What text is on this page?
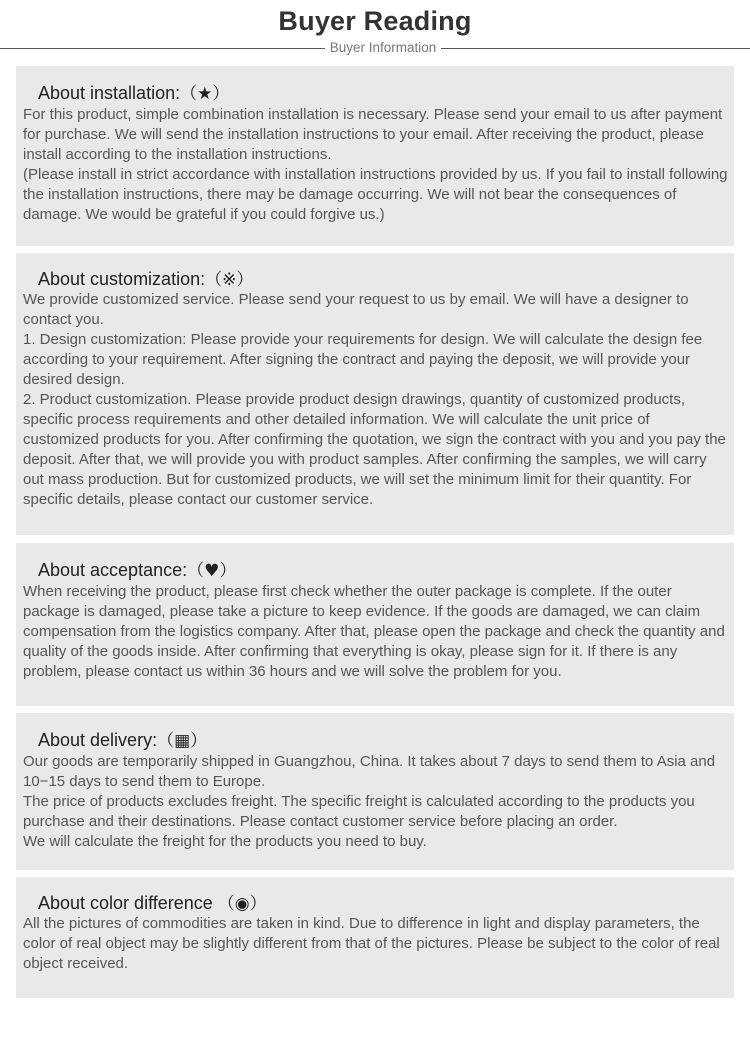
Buyer Reading
Buyer Information
About installation:（★）

For this product, simple combination installation is necessary. Please send your email to us after payment for purchase. We will send the installation instructions to your email. After receiving the product, please install according to the installation instructions.

(Please install in strict accordance with installation instructions provided by us. If you fail to install following the installation instructions, there may be damage occurring. We will not bear the consequences of damage. We would be grateful if you could forgive us.)

About customization:（※）

We provide customized service. Please send your request to us by email. We will have a designer to contact you.

1. Design customization: Please provide your requirements for design. We will calculate the design fee according to your requirement. After signing the contract and paying the deposit, we will provide your desired design.

2. Product customization. Please provide product design drawings, quantity of customized products, specific process requirements and other detailed information. We will calculate the unit price of customized products for you. After confirming the quotation, we sign the contract with you and you pay the deposit. After that, we will provide you with product samples. After confirming the samples, we will carry out mass production. But for customized products, we will set the minimum limit for their quantity. For specific details, please contact our customer service.

About acceptance:（♥）

When receiving the product, please first check whether the outer package is complete. If the outer package is damaged, please take a picture to keep evidence. If the goods are damaged, we can claim compensation from the logistics company. After that, please open the package and check the quantity and quality of the goods inside. After confirming that everything is okay, please sign for it. If there is any problem, please contact us within 36 hours and we will solve the problem for you.

About delivery:（▦）

Our goods are temporarily shipped in Guangzhou, China. It takes about 7 days to send them to Asia and 10−15 days to send them to Europe.

The price of products excludes freight. The specific freight is calculated according to the products you purchase and their destinations. Please contact customer service before placing an order.

We will calculate the freight for the products you need to buy.

About color difference （◉）

All the pictures of commodities are taken in kind. Due to difference in light and display parameters, the color of real object may be slightly different from that of the pictures. Please be subject to the color of real object received.
